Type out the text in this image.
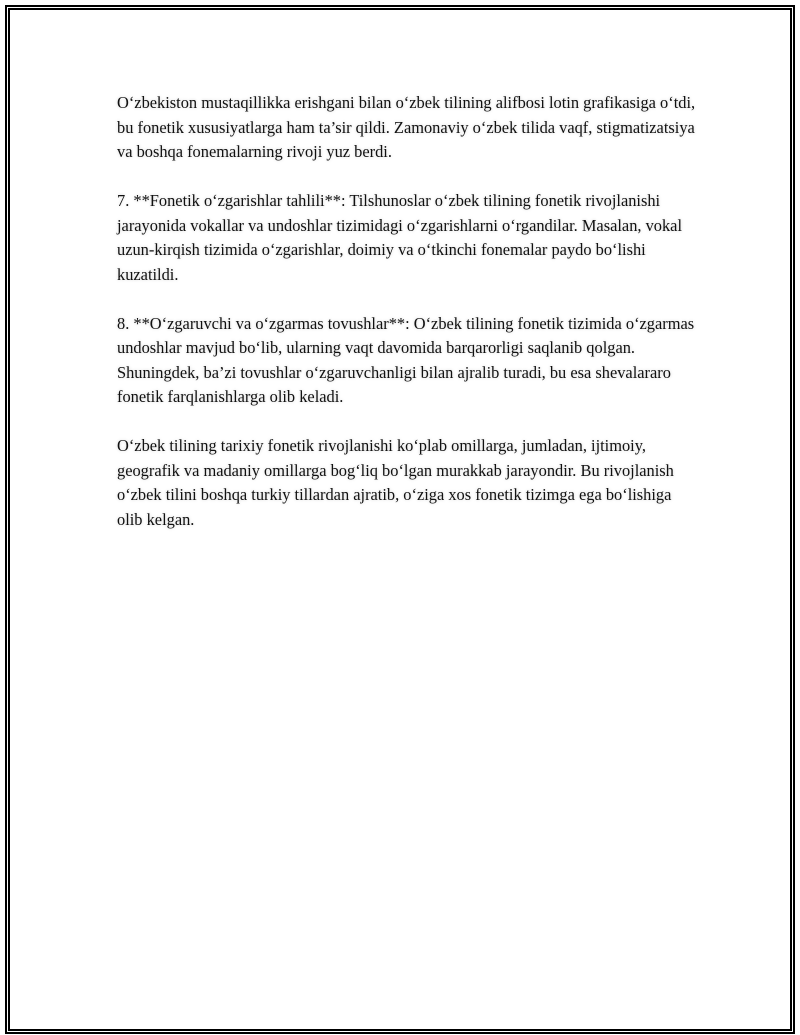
O‘zbekiston mustaqillikka erishgani bilan o‘zbek tilining alifbosi lotin grafikasiga o‘tdi, bu fonetik xususiyatlarga ham ta’sir qildi. Zamonaviy o‘zbek tilida vaqf, stigmatizatsiya va boshqa fonemalarning rivoji yuz berdi.

7. **Fonetik o‘zgarishlar tahlili**: Tilshunoslar o‘zbek tilining fonetik rivojlanishi jarayonida vokallar va undoshlar tizimidagi o‘zgarishlarni o‘rgandilar. Masalan, vokal uzun-kirqish tizimida o‘zgarishlar, doimiy va o‘tkinchi fonemalar paydo bo‘lishi kuzatildi.

8. **O‘zgaruvchi va o‘zgarmas tovushlar**: O‘zbek tilining fonetik tizimida o‘zgarmas undoshlar mavjud bo‘lib, ularning vaqt davomida barqarorligi saqlanib qolgan. Shuningdek, ba’zi tovushlar o‘zgaruvchanligi bilan ajralib turadi, bu esa shevalararo fonetik farqlanishlarga olib keladi.

O‘zbek tilining tarixiy fonetik rivojlanishi ko‘plab omillarga, jumladan, ijtimoiy, geografik va madaniy omillarga bog‘liq bo‘lgan murakkab jarayondir. Bu rivojlanish o‘zbek tilini boshqa turkiy tillardan ajratib, o‘ziga xos fonetik tizimga ega bo‘lishiga olib kelgan.
